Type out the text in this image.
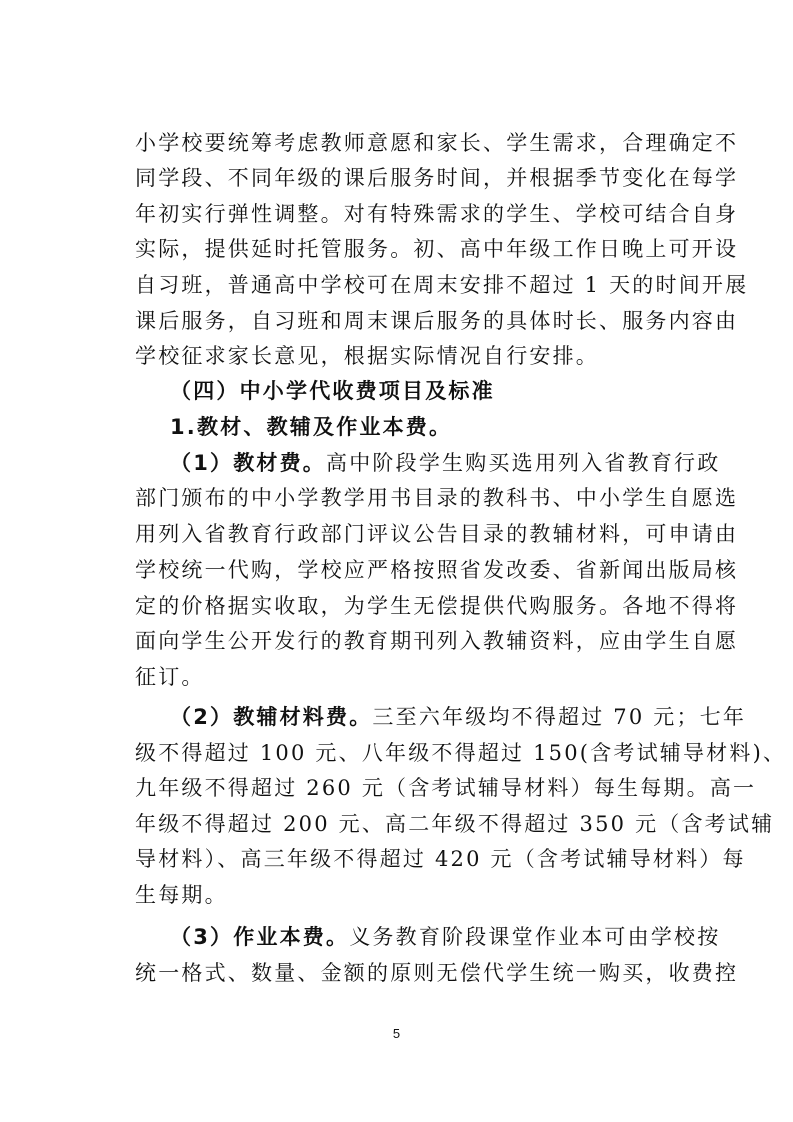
小学校要统筹考虑教师意愿和家长、学生需求，合理确定不
同学段、不同年级的课后服务时间，并根据季节变化在每学
年初实行弹性调整。对有特殊需求的学生、学校可结合自身
实际，提供延时托管服务。初、高中年级工作日晚上可开设
自习班，普通高中学校可在周末安排不超过 1 天的时间开展
课后服务，自习班和周末课后服务的具体时长、服务内容由
学校征求家长意见，根据实际情况自行安排。
（四）中小学代收费项目及标准
1.教材、教辅及作业本费。
（1）教材费。高中阶段学生购买选用列入省教育行政
部门颁布的中小学教学用书目录的教科书、中小学生自愿选
用列入省教育行政部门评议公告目录的教辅材料，可申请由
学校统一代购，学校应严格按照省发改委、省新闻出版局核
定的价格据实收取，为学生无偿提供代购服务。各地不得将
面向学生公开发行的教育期刊列入教辅资料，应由学生自愿
征订。
（2）教辅材料费。三至六年级均不得超过 70 元；七年
级不得超过 100 元、八年级不得超过 150(含考试辅导材料)、
九年级不得超过 260 元（含考试辅导材料）每生每期。高一
年级不得超过 200 元、高二年级不得超过 350 元（含考试辅
导材料）、高三年级不得超过 420 元（含考试辅导材料）每
生每期。
（3）作业本费。义务教育阶段课堂作业本可由学校按
统一格式、数量、金额的原则无偿代学生统一购买，收费控
5
